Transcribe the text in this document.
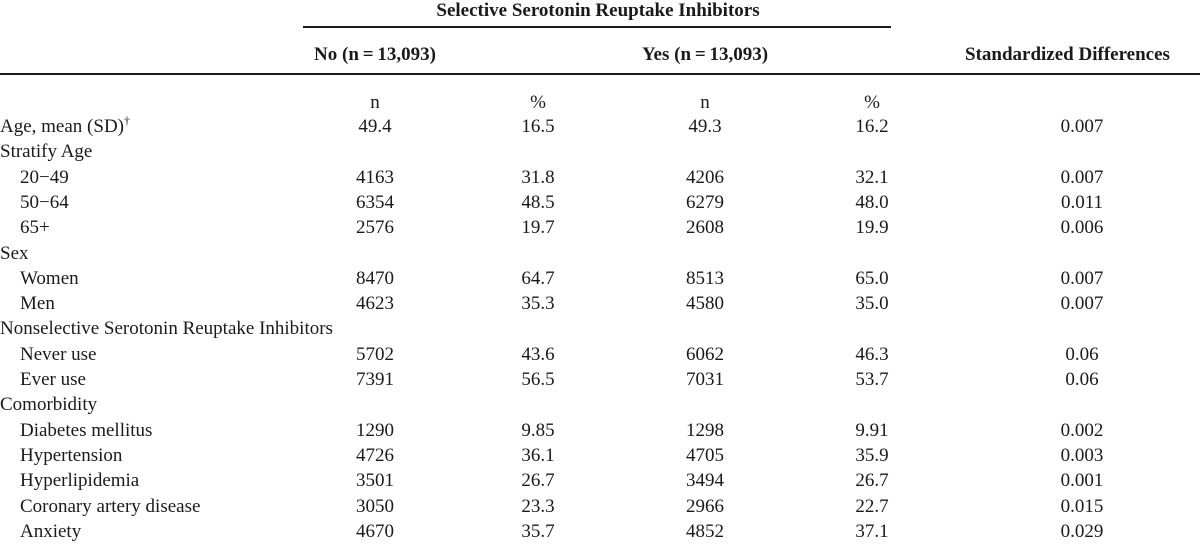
Selective Serotonin Reuptake Inhibitors
No (n = 13,093)	Yes (n = 13,093)	Standardized Differences
n	%	n	%
Age, mean (SD)†	49.4	16.5	49.3	16.2	0.007
Stratify Age
20−49	4163	31.8	4206	32.1	0.007
50−64	6354	48.5	6279	48.0	0.011
65+	2576	19.7	2608	19.9	0.006
Sex
Women	8470	64.7	8513	65.0	0.007
Men	4623	35.3	4580	35.0	0.007
Nonselective Serotonin Reuptake Inhibitors
Never use	5702	43.6	6062	46.3	0.06
Ever use	7391	56.5	7031	53.7	0.06
Comorbidity
Diabetes mellitus	1290	9.85	1298	9.91	0.002
Hypertension	4726	36.1	4705	35.9	0.003
Hyperlipidemia	3501	26.7	3494	26.7	0.001
Coronary artery disease	3050	23.3	2966	22.7	0.015
Anxiety	4670	35.7	4852	37.1	0.029
